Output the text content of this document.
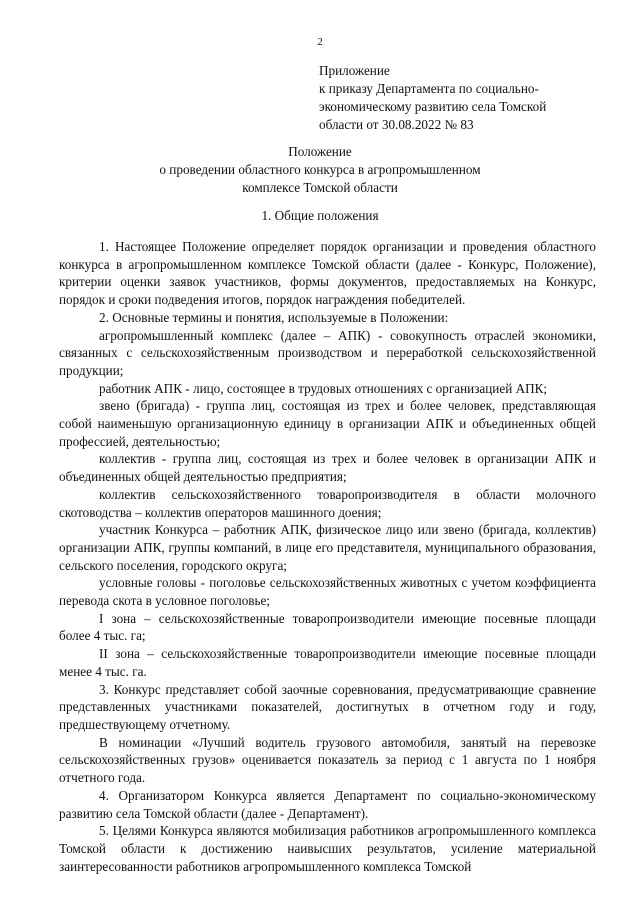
2
Приложение
к приказу Департамента по социально-
экономическому развитию села Томской
области от 30.08.2022 № 83
Положение
о проведении областного конкурса в агропромышленном
комплексе Томской области
1. Общие положения

1. Настоящее Положение определяет порядок организации и проведения областного конкурса в агропромышленном комплексе Томской области (далее - Конкурс, Положение), критерии оценки заявок участников, формы документов, предоставляемых на Конкурс, порядок и сроки подведения итогов, порядок награждения победителей.

2. Основные термины и понятия, используемые в Положении:

агропромышленный комплекс (далее – АПК) - совокупность отраслей экономики, связанных с сельскохозяйственным производством и переработкой сельскохозяйственной продукции;

работник АПК - лицо, состоящее в трудовых отношениях с организацией АПК;

звено (бригада) - группа лиц, состоящая из трех и более человек, представляющая собой наименьшую организационную единицу в организации АПК и объединенных общей профессией, деятельностью;

коллектив - группа лиц, состоящая из трех и более человек в организации АПК и объединенных общей деятельностью предприятия;

коллектив сельскохозяйственного товаропроизводителя в области молочного скотоводства – коллектив операторов машинного доения;

участник Конкурса – работник АПК, физическое лицо или звено (бригада, коллектив) организации АПК, группы компаний, в лице его представителя, муниципального образования, сельского поселения, городского округа;

условные головы - поголовье сельскохозяйственных животных с учетом коэффициента перевода скота в условное поголовье;

I зона – сельскохозяйственные товаропроизводители имеющие посевные площади более 4 тыс. га;

II зона – сельскохозяйственные товаропроизводители имеющие посевные площади менее 4 тыс. га.

3. Конкурс представляет собой заочные соревнования, предусматривающие сравнение представленных участниками показателей, достигнутых в отчетном году и году, предшествующему отчетному.

В номинации «Лучший водитель грузового автомобиля, занятый на перевозке сельскохозяйственных грузов» оценивается показатель за период с 1 августа по 1 ноября отчетного года.

4. Организатором Конкурса является Департамент по социально-экономическому развитию села Томской области (далее - Департамент).

5. Целями Конкурса являются мобилизация работников агропромышленного комплекса Томской области к достижению наивысших результатов, усиление материальной заинтересованности работников агропромышленного комплекса Томской
